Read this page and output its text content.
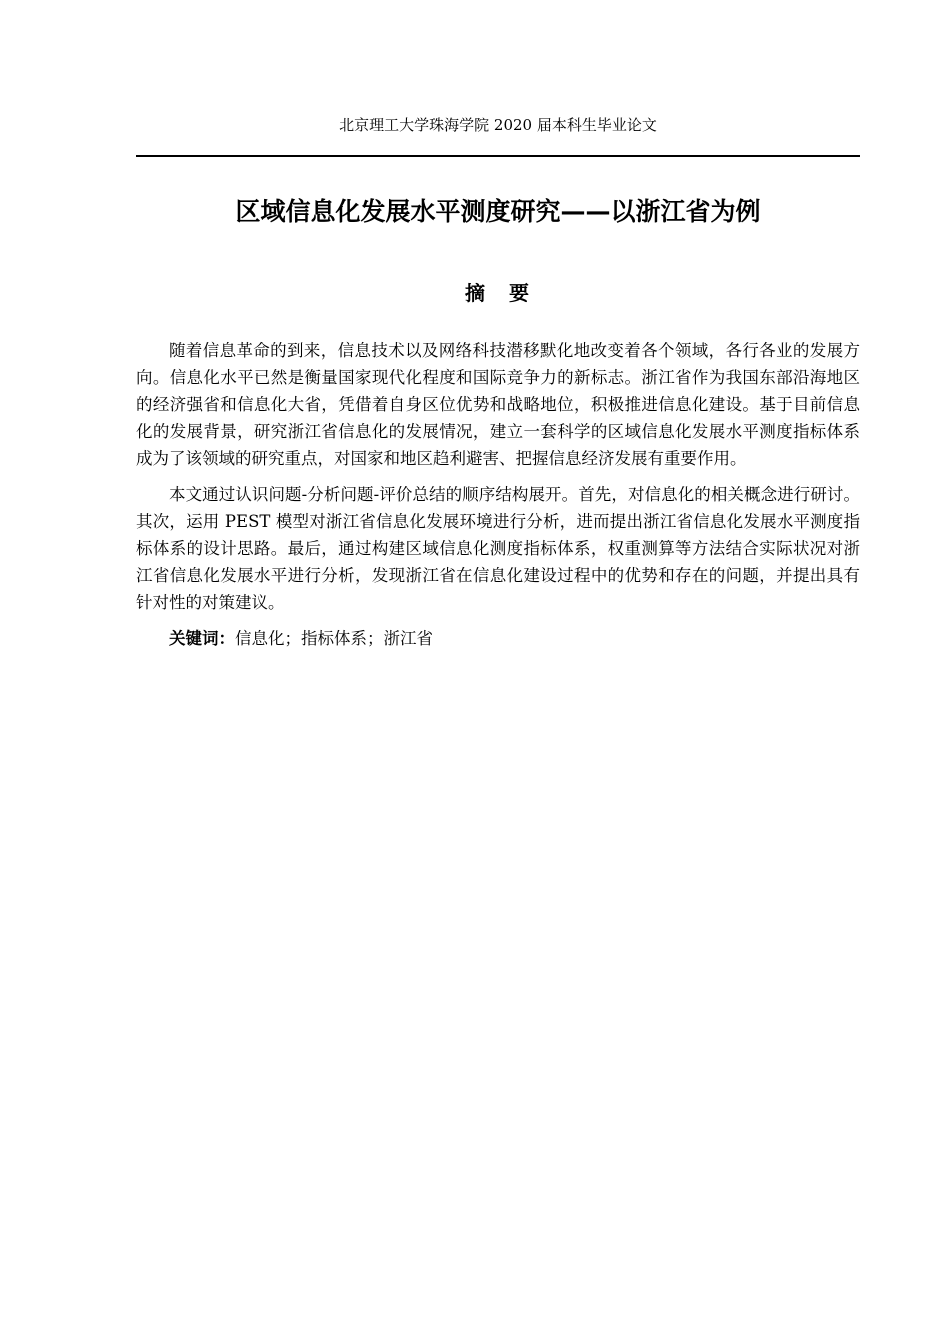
北京理工大学珠海学院 2020 届本科生毕业论文
区域信息化发展水平测度研究——以浙江省为例
摘　要

随着信息革命的到来，信息技术以及网络科技潜移默化地改变着各个领域，各行各业的发展方向。信息化水平已然是衡量国家现代化程度和国际竞争力的新标志。浙江省作为我国东部沿海地区的经济强省和信息化大省，凭借着自身区位优势和战略地位，积极推进信息化建设。基于目前信息化的发展背景，研究浙江省信息化的发展情况，建立一套科学的区域信息化发展水平测度指标体系成为了该领域的研究重点，对国家和地区趋利避害、把握信息经济发展有重要作用。

本文通过认识问题-分析问题-评价总结的顺序结构展开。首先，对信息化的相关概念进行研讨。其次，运用 PEST 模型对浙江省信息化发展环境进行分析，进而提出浙江省信息化发展水平测度指标体系的设计思路。最后，通过构建区域信息化测度指标体系，权重测算等方法结合实际状况对浙江省信息化发展水平进行分析，发现浙江省在信息化建设过程中的优势和存在的问题，并提出具有针对性的对策建议。

关键词：信息化；指标体系；浙江省
